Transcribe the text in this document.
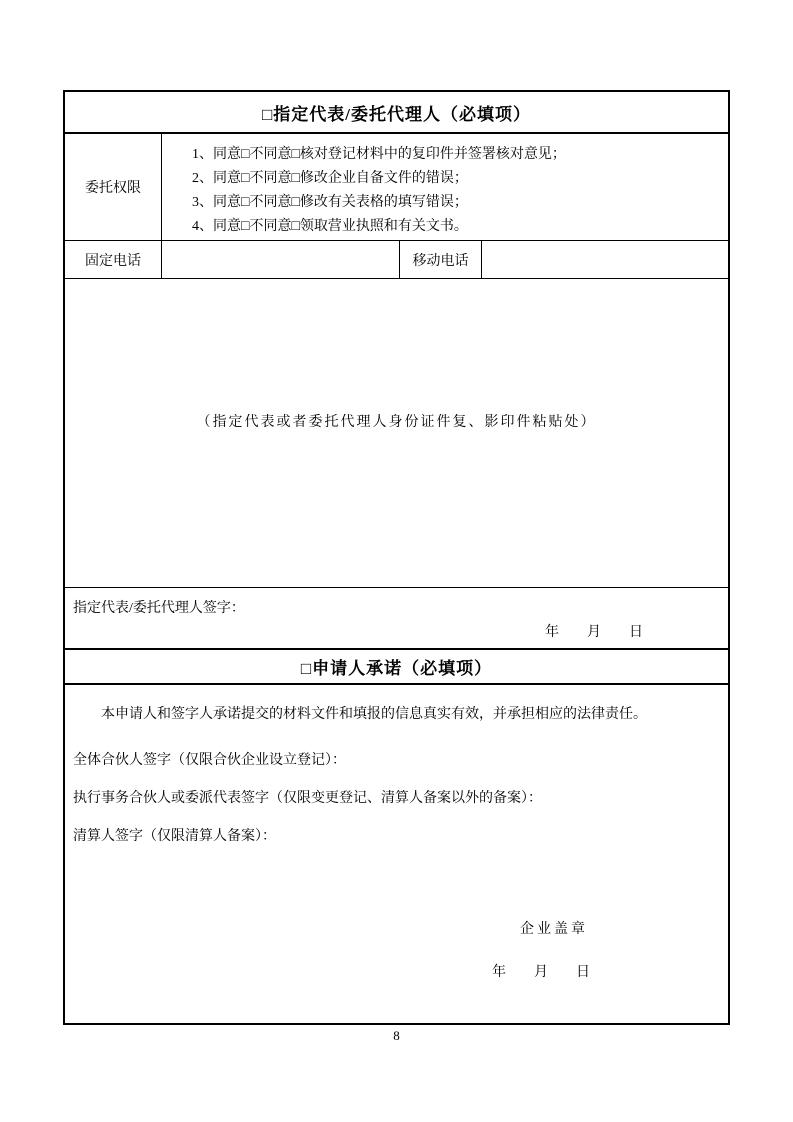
□指定代表/委托代理人（必填项）
委托权限
1、同意□不同意□核对登记材料中的复印件并签署核对意见；
2、同意□不同意□修改企业自备文件的错误；
3、同意□不同意□修改有关表格的填写错误；
4、同意□不同意□领取营业执照和有关文书。
固定电话	移动电话
（指定代表或者委托代理人身份证件复、影印件粘贴处）
指定代表/委托代理人签字：
年　　月　　日
□申请人承诺（必填项）

本申请人和签字人承诺提交的材料文件和填报的信息真实有效，并承担相应的法律责任。

全体合伙人签字（仅限合伙企业设立登记）：
执行事务合伙人或委派代表签字（仅限变更登记、清算人备案以外的备案）：
清算人签字（仅限清算人备案）：
企业盖章
年　　月　　日
8
